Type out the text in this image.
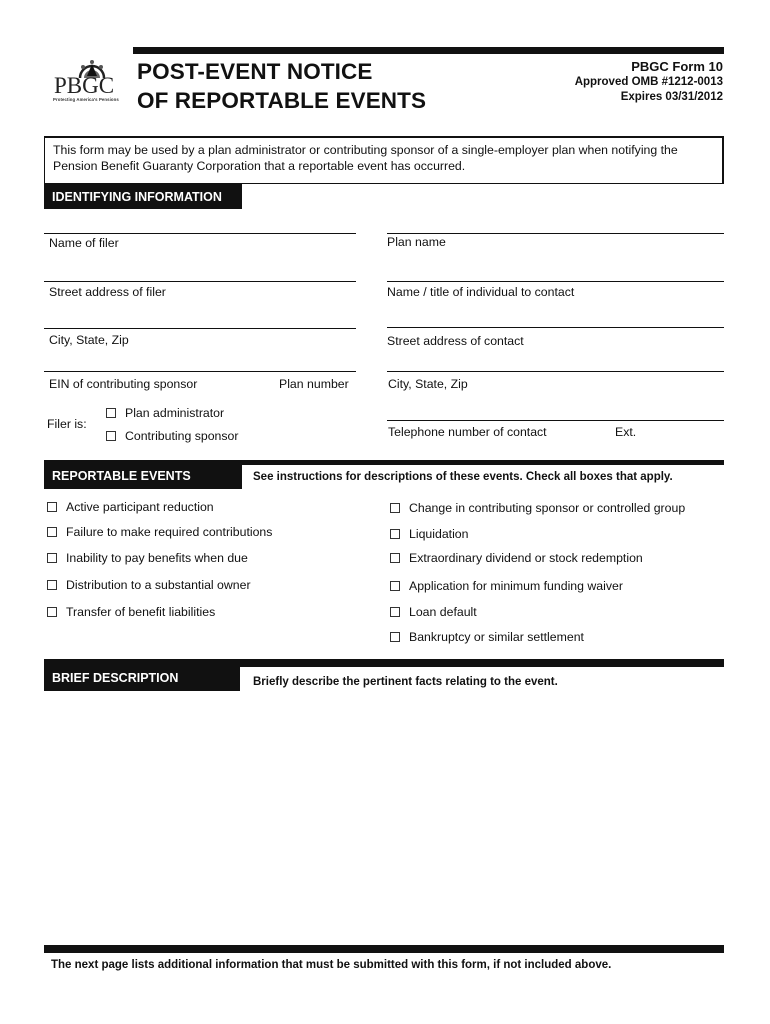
PBGC
Protecting America's Pensions
POST-EVENT NOTICE
OF REPORTABLE EVENTS
PBGC Form 10
Approved OMB #1212-0013
Expires 03/31/2012
This form may be used by a plan administrator or contributing sponsor of a single-employer plan when notifying the
Pension Benefit Guaranty Corporation that a reportable event has occurred.
IDENTIFYING INFORMATION
Name of filer
Street address of filer
City, State, Zip
EIN of contributing sponsor	Plan number
Filer is:
Plan administrator
Contributing sponsor
Plan name
Name / title of individual to contact
Street address of contact
City, State, Zip
Telephone number of contact	Ext.
REPORTABLE EVENTS	See instructions for descriptions of these events. Check all boxes that apply.
Active participant reduction
Failure to make required contributions
Inability to pay benefits when due
Distribution to a substantial owner
Transfer of benefit liabilities
Change in contributing sponsor or controlled group
Liquidation
Extraordinary dividend or stock redemption
Application for minimum funding waiver
Loan default
Bankruptcy or similar settlement
BRIEF DESCRIPTION	Briefly describe the pertinent facts relating to the event.
The next page lists additional information that must be submitted with this form, if not included above.
